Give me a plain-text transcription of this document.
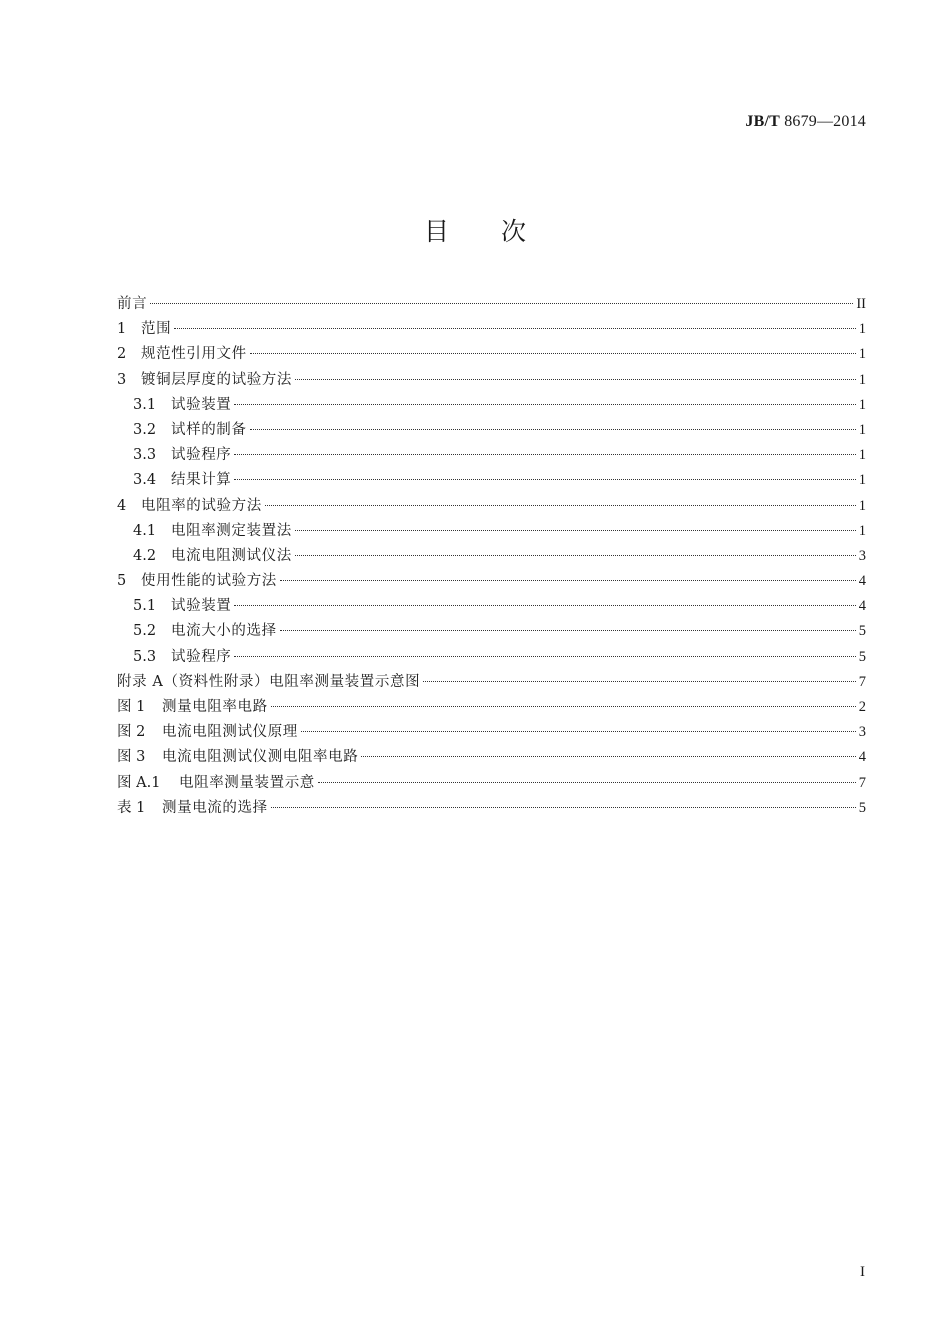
JB/T 8679—2014
目次
前言	II
1	范围	1
2	规范性引用文件	1
3	镀铜层厚度的试验方法	1
3.1	试验装置	1
3.2	试样的制备	1
3.3	试验程序	1
3.4	结果计算	1
4	电阻率的试验方法	1
4.1	电阻率测定装置法	1
4.2	电流电阻测试仪法	3
5	使用性能的试验方法	4
5.1	试验装置	4
5.2	电流大小的选择	5
5.3	试验程序	5
附录 A（资料性附录）电阻率测量装置示意图	7
图 1	测量电阻率电路	2
图 2	电流电阻测试仪原理	3
图 3	电流电阻测试仪测电阻率电路	4
图 A.1	电阻率测量装置示意	7
表 1	测量电流的选择	5
I
